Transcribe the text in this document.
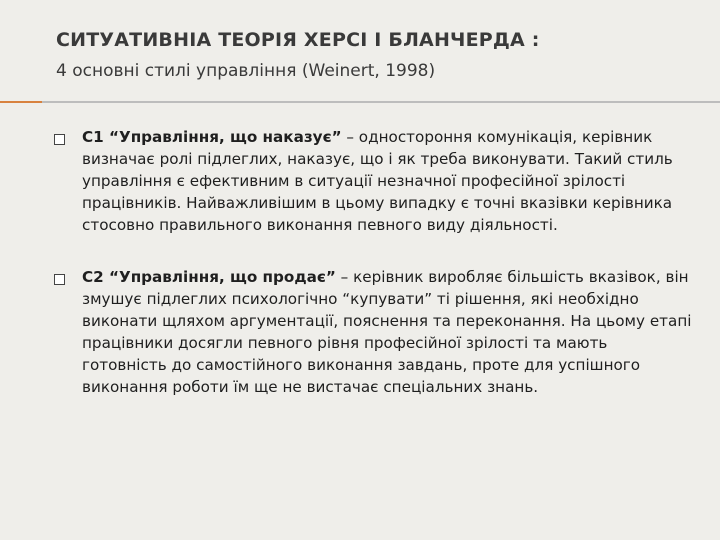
СИТУАТИВНІА ТЕОРІЯ ХЕРСІ І БЛАНЧЕРДА :
4 основні стилі управління (Weinert, 1998)

С1 “Управління, що наказує” – одностороння комунікація, керівник визначає ролі підлеглих, наказує, що і як треба виконувати. Такий стиль управління є ефективним в ситуації незначної професійної зрілості працівників. Найважливішим в цьому випадку є точні вказівки керівника стосовно правильного виконання певного виду діяльності.

С2 “Управління, що продає” – керівник виробляє більшість вказівок, він змушує підлеглих психологічно “купувати” ті рішення, які необхідно виконати щляхом аргументації, пояснення та переконання. На цьому етапі працівники досягли певного рівня професійної зрілості та мають готовність до самостійного виконання завдань, проте для успішного виконання роботи їм ще не вистачає спеціальних знань.
